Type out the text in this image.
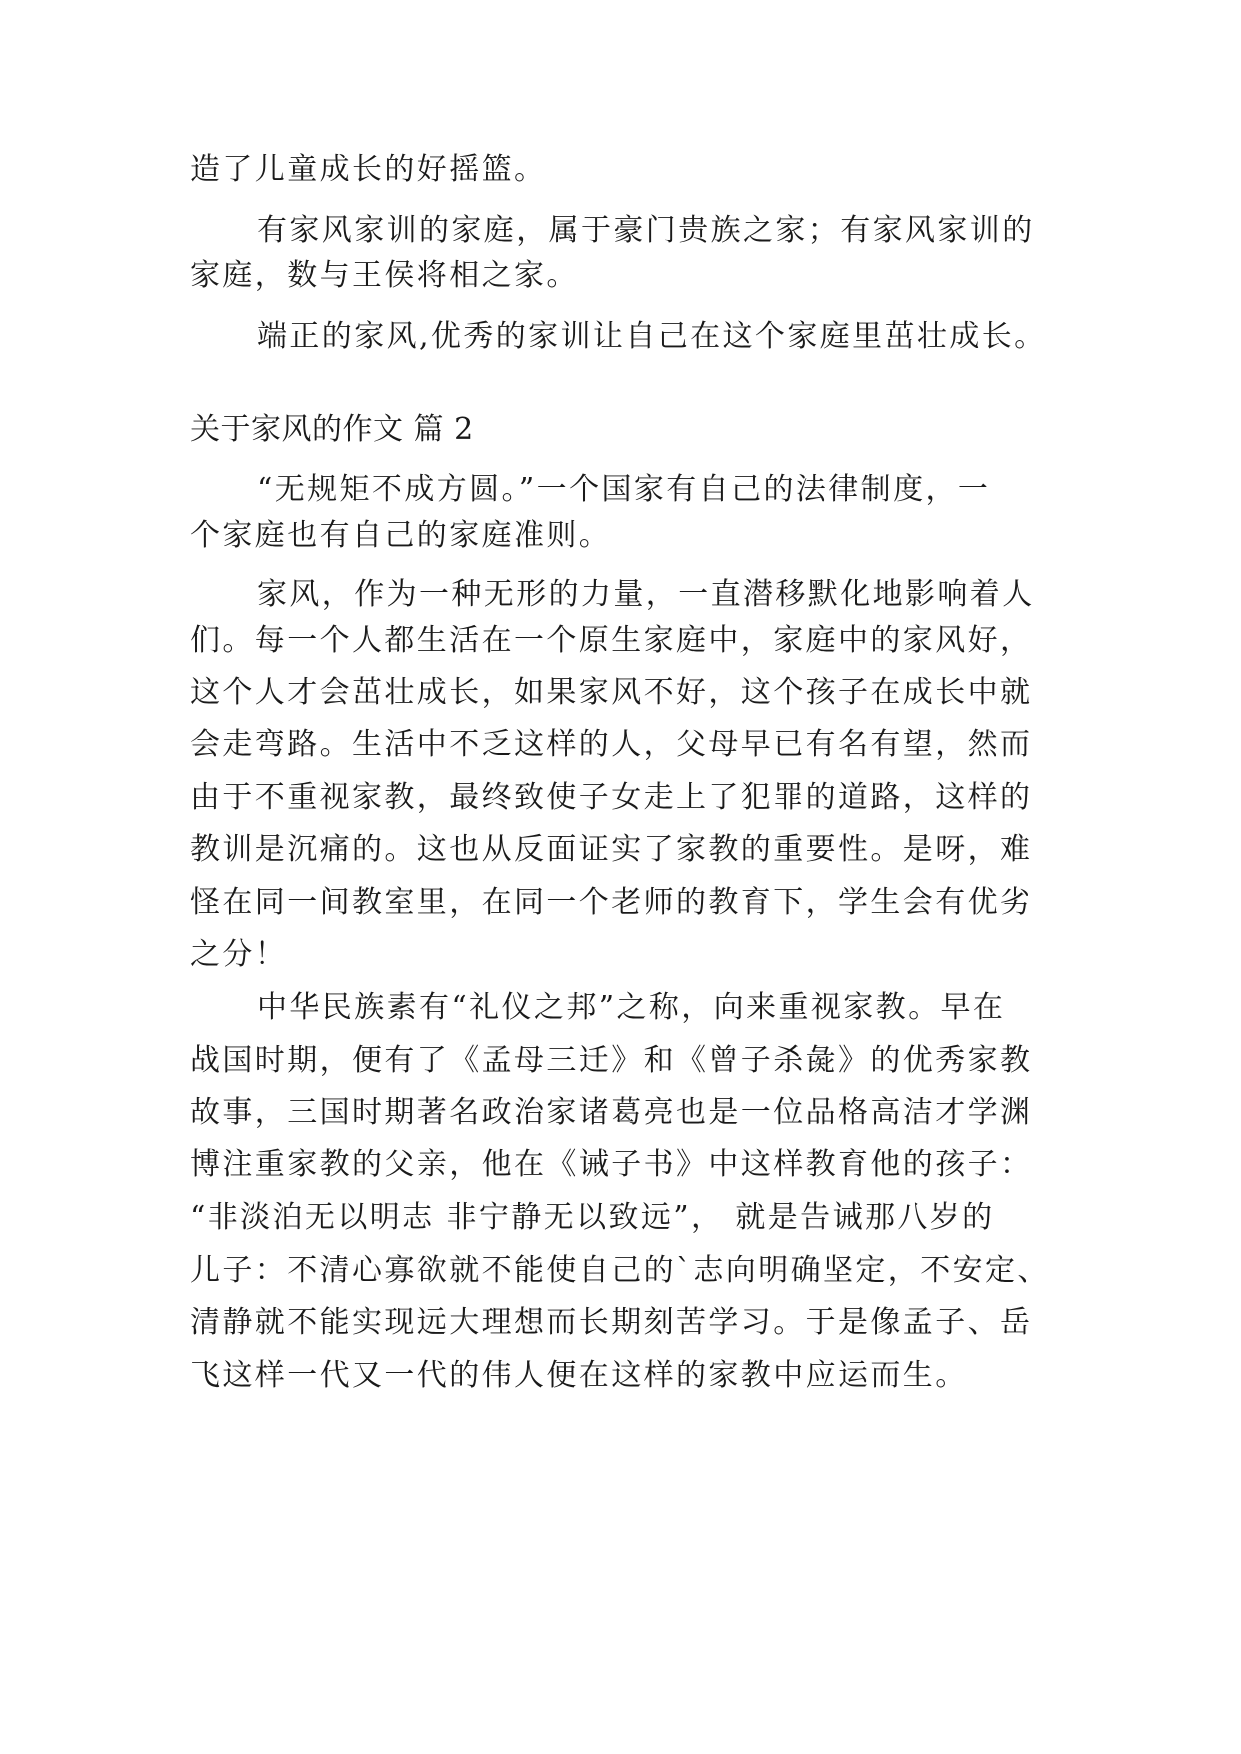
造了儿童成长的好摇篮。
有家风家训的家庭，属于豪门贵族之家；有家风家训的
家庭，数与王侯将相之家。
端正的家风,优秀的家训让自己在这个家庭里茁壮成长。
关于家风的作文 篇 2
“无规矩不成方圆。”一个国家有自己的法律制度，一
个家庭也有自己的家庭准则。
家风，作为一种无形的力量，一直潜移默化地影响着人
们。每一个人都生活在一个原生家庭中，家庭中的家风好，
这个人才会茁壮成长，如果家风不好，这个孩子在成长中就
会走弯路。生活中不乏这样的人，父母早已有名有望，然而
由于不重视家教，最终致使子女走上了犯罪的道路，这样的
教训是沉痛的。这也从反面证实了家教的重要性。是呀，难
怪在同一间教室里，在同一个老师的教育下，学生会有优劣
之分！
中华民族素有“礼仪之邦”之称，向来重视家教。早在
战国时期，便有了《孟母三迁》和《曾子杀彘》的优秀家教
故事，三国时期著名政治家诸葛亮也是一位品格高洁才学渊
博注重家教的父亲，他在《诫子书》中这样教育他的孩子：
“非淡泊无以明志 非宁静无以致远”， 就是告诫那八岁的
儿子：不清心寡欲就不能使自己的`志向明确坚定，不安定、
清静就不能实现远大理想而长期刻苦学习。于是像孟子、岳
飞这样一代又一代的伟人便在这样的家教中应运而生。
